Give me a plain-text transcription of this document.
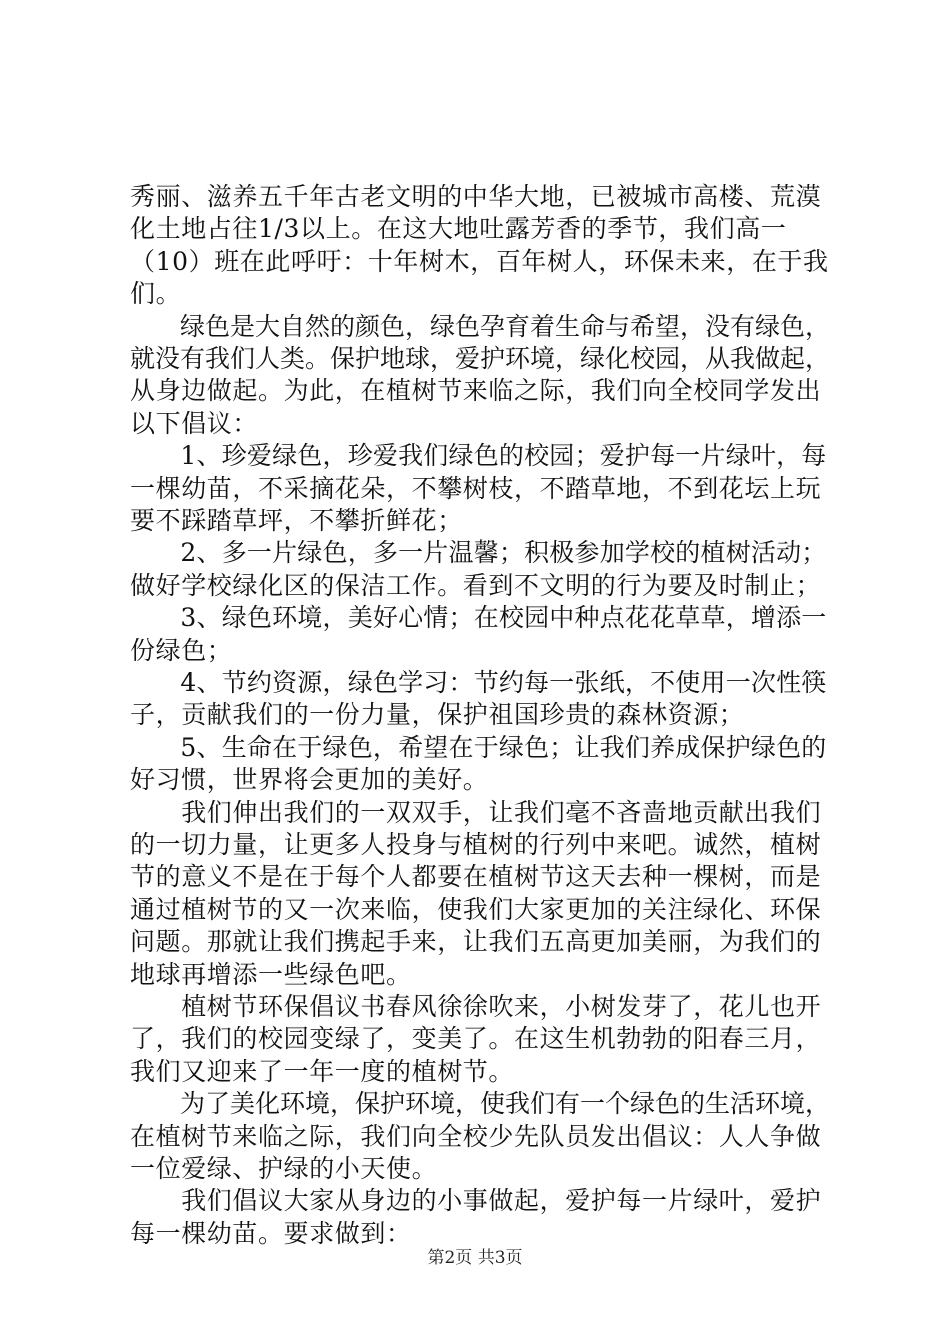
秀丽、滋养五千年古老文明的中华大地，已被城市高楼、荒漠
化土地占往1/3以上。在这大地吐露芳香的季节，我们高一
（10）班在此呼吁：十年树木，百年树人，环保未来，在于我
们。
　　绿色是大自然的颜色，绿色孕育着生命与希望，没有绿色，
就没有我们人类。保护地球，爱护环境，绿化校园，从我做起，
从身边做起。为此，在植树节来临之际，我们向全校同学发出
以下倡议：
　　1、珍爱绿色，珍爱我们绿色的校园；爱护每一片绿叶，每
一棵幼苗，不采摘花朵，不攀树枝，不踏草地，不到花坛上玩
要不踩踏草坪，不攀折鲜花；
　　2、多一片绿色，多一片温馨；积极参加学校的植树活动；
做好学校绿化区的保洁工作。看到不文明的行为要及时制止；
　　3、绿色环境，美好心情；在校园中种点花花草草，增添一
份绿色；
　　4、节约资源，绿色学习：节约每一张纸，不使用一次性筷
子，贡献我们的一份力量，保护祖国珍贵的森林资源；
　　5、生命在于绿色，希望在于绿色；让我们养成保护绿色的
好习惯，世界将会更加的美好。
　　我们伸出我们的一双双手，让我们毫不吝啬地贡献出我们
的一切力量，让更多人投身与植树的行列中来吧。诚然，植树
节的意义不是在于每个人都要在植树节这天去种一棵树，而是
通过植树节的又一次来临，使我们大家更加的关注绿化、环保
问题。那就让我们携起手来，让我们五高更加美丽，为我们的
地球再增添一些绿色吧。
　　植树节环保倡议书春风徐徐吹来，小树发芽了，花儿也开
了，我们的校园变绿了，变美了。在这生机勃勃的阳春三月，
我们又迎来了一年一度的植树节。
　　为了美化环境，保护环境，使我们有一个绿色的生活环境，
在植树节来临之际，我们向全校少先队员发出倡议：人人争做
一位爱绿、护绿的小天使。
　　我们倡议大家从身边的小事做起，爱护每一片绿叶，爱护
每一棵幼苗。要求做到：
第2页 共3页
